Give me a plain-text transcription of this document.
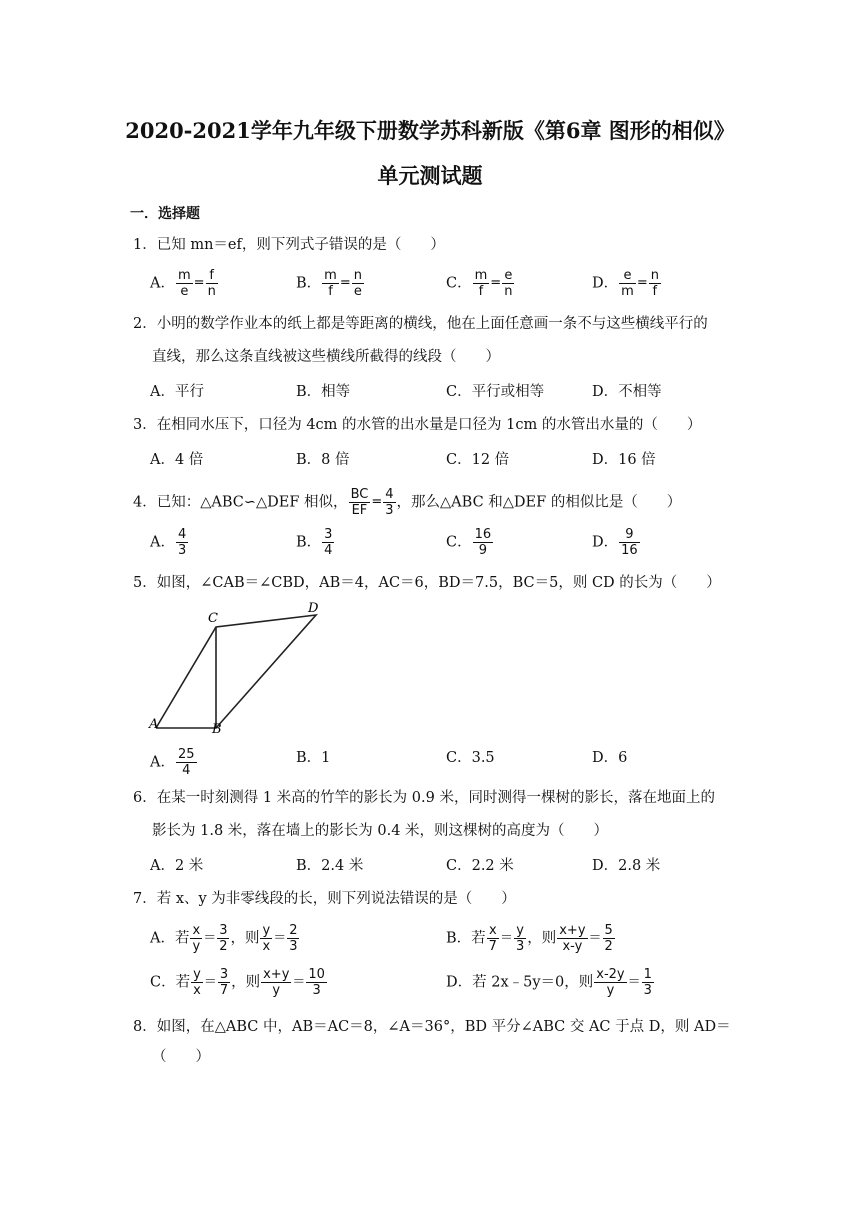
2020-2021学年九年级下册数学苏科新版《第6章 图形的相似》
单元测试题
一．选择题
1．已知 mn＝ef，则下列式子错误的是（　　）
A． $\frac{m}{e} = \frac{f}{n}$	B． $\frac{m}{f} = \frac{n}{e}$	C． $\frac{m}{f} = \frac{e}{n}$	D． $\frac{e}{m} = \frac{n}{f}$
2．小明的数学作业本的纸上都是等距离的横线，他在上面任意画一条不与这些横线平行的
直线，那么这条直线被这些横线所截得的线段（　　）
A．平行	B．相等	C．平行或相等	D．不相等
3．在相同水压下，口径为 4cm 的水管的出水量是口径为 1cm 的水管出水量的（　　）
A．4 倍	B．8 倍	C．12 倍	D．16 倍
4．已知：△ABC∽△DEF 相似， $\frac{BC}{EF} = \frac{4}{3}$ ，那么△ABC 和△DEF 的相似比是（　　）
A． $\frac{4}{3}$	B． $\frac{3}{4}$	C． $\frac{16}{9}$	D． $\frac{9}{16}$
5．如图，∠CAB＝∠CBD，AB＝4，AC＝6，BD＝7.5，BC＝5，则 CD 的长为（　　）
A	B
C
D
A． $\frac{25}{4}$	B．1	C．3.5	D．6
6．在某一时刻测得 1 米高的竹竿的影长为 0.9 米，同时测得一棵树的影长，落在地面上的
影长为 1.8 米，落在墙上的影长为 0.4 米，则这棵树的高度为（　　）
A．2 米	B．2.4 米	C．2.2 米	D．2.8 米
7．若 x、y 为非零线段的长，则下列说法错误的是（　　）
A．若 $\frac{x}{y} = \frac{3}{2}$ ，则 $\frac{y}{x} = \frac{2}{3}$	B．若 $\frac{x}{7} = \frac{y}{3}$ ，则 $\frac{x+y}{x-y} = \frac{5}{2}$
C．若 $\frac{y}{x} = \frac{3}{7}$ ，则 $\frac{x+y}{y} = \frac{10}{3}$	D．若 2x﹣5y＝0，则 $\frac{x-2y}{y} = \frac{1}{3}$
8．如图，在△ABC 中，AB＝AC＝8，∠A＝36°，BD 平分∠ABC 交 AC 于点 D，则 AD＝
（　　）
